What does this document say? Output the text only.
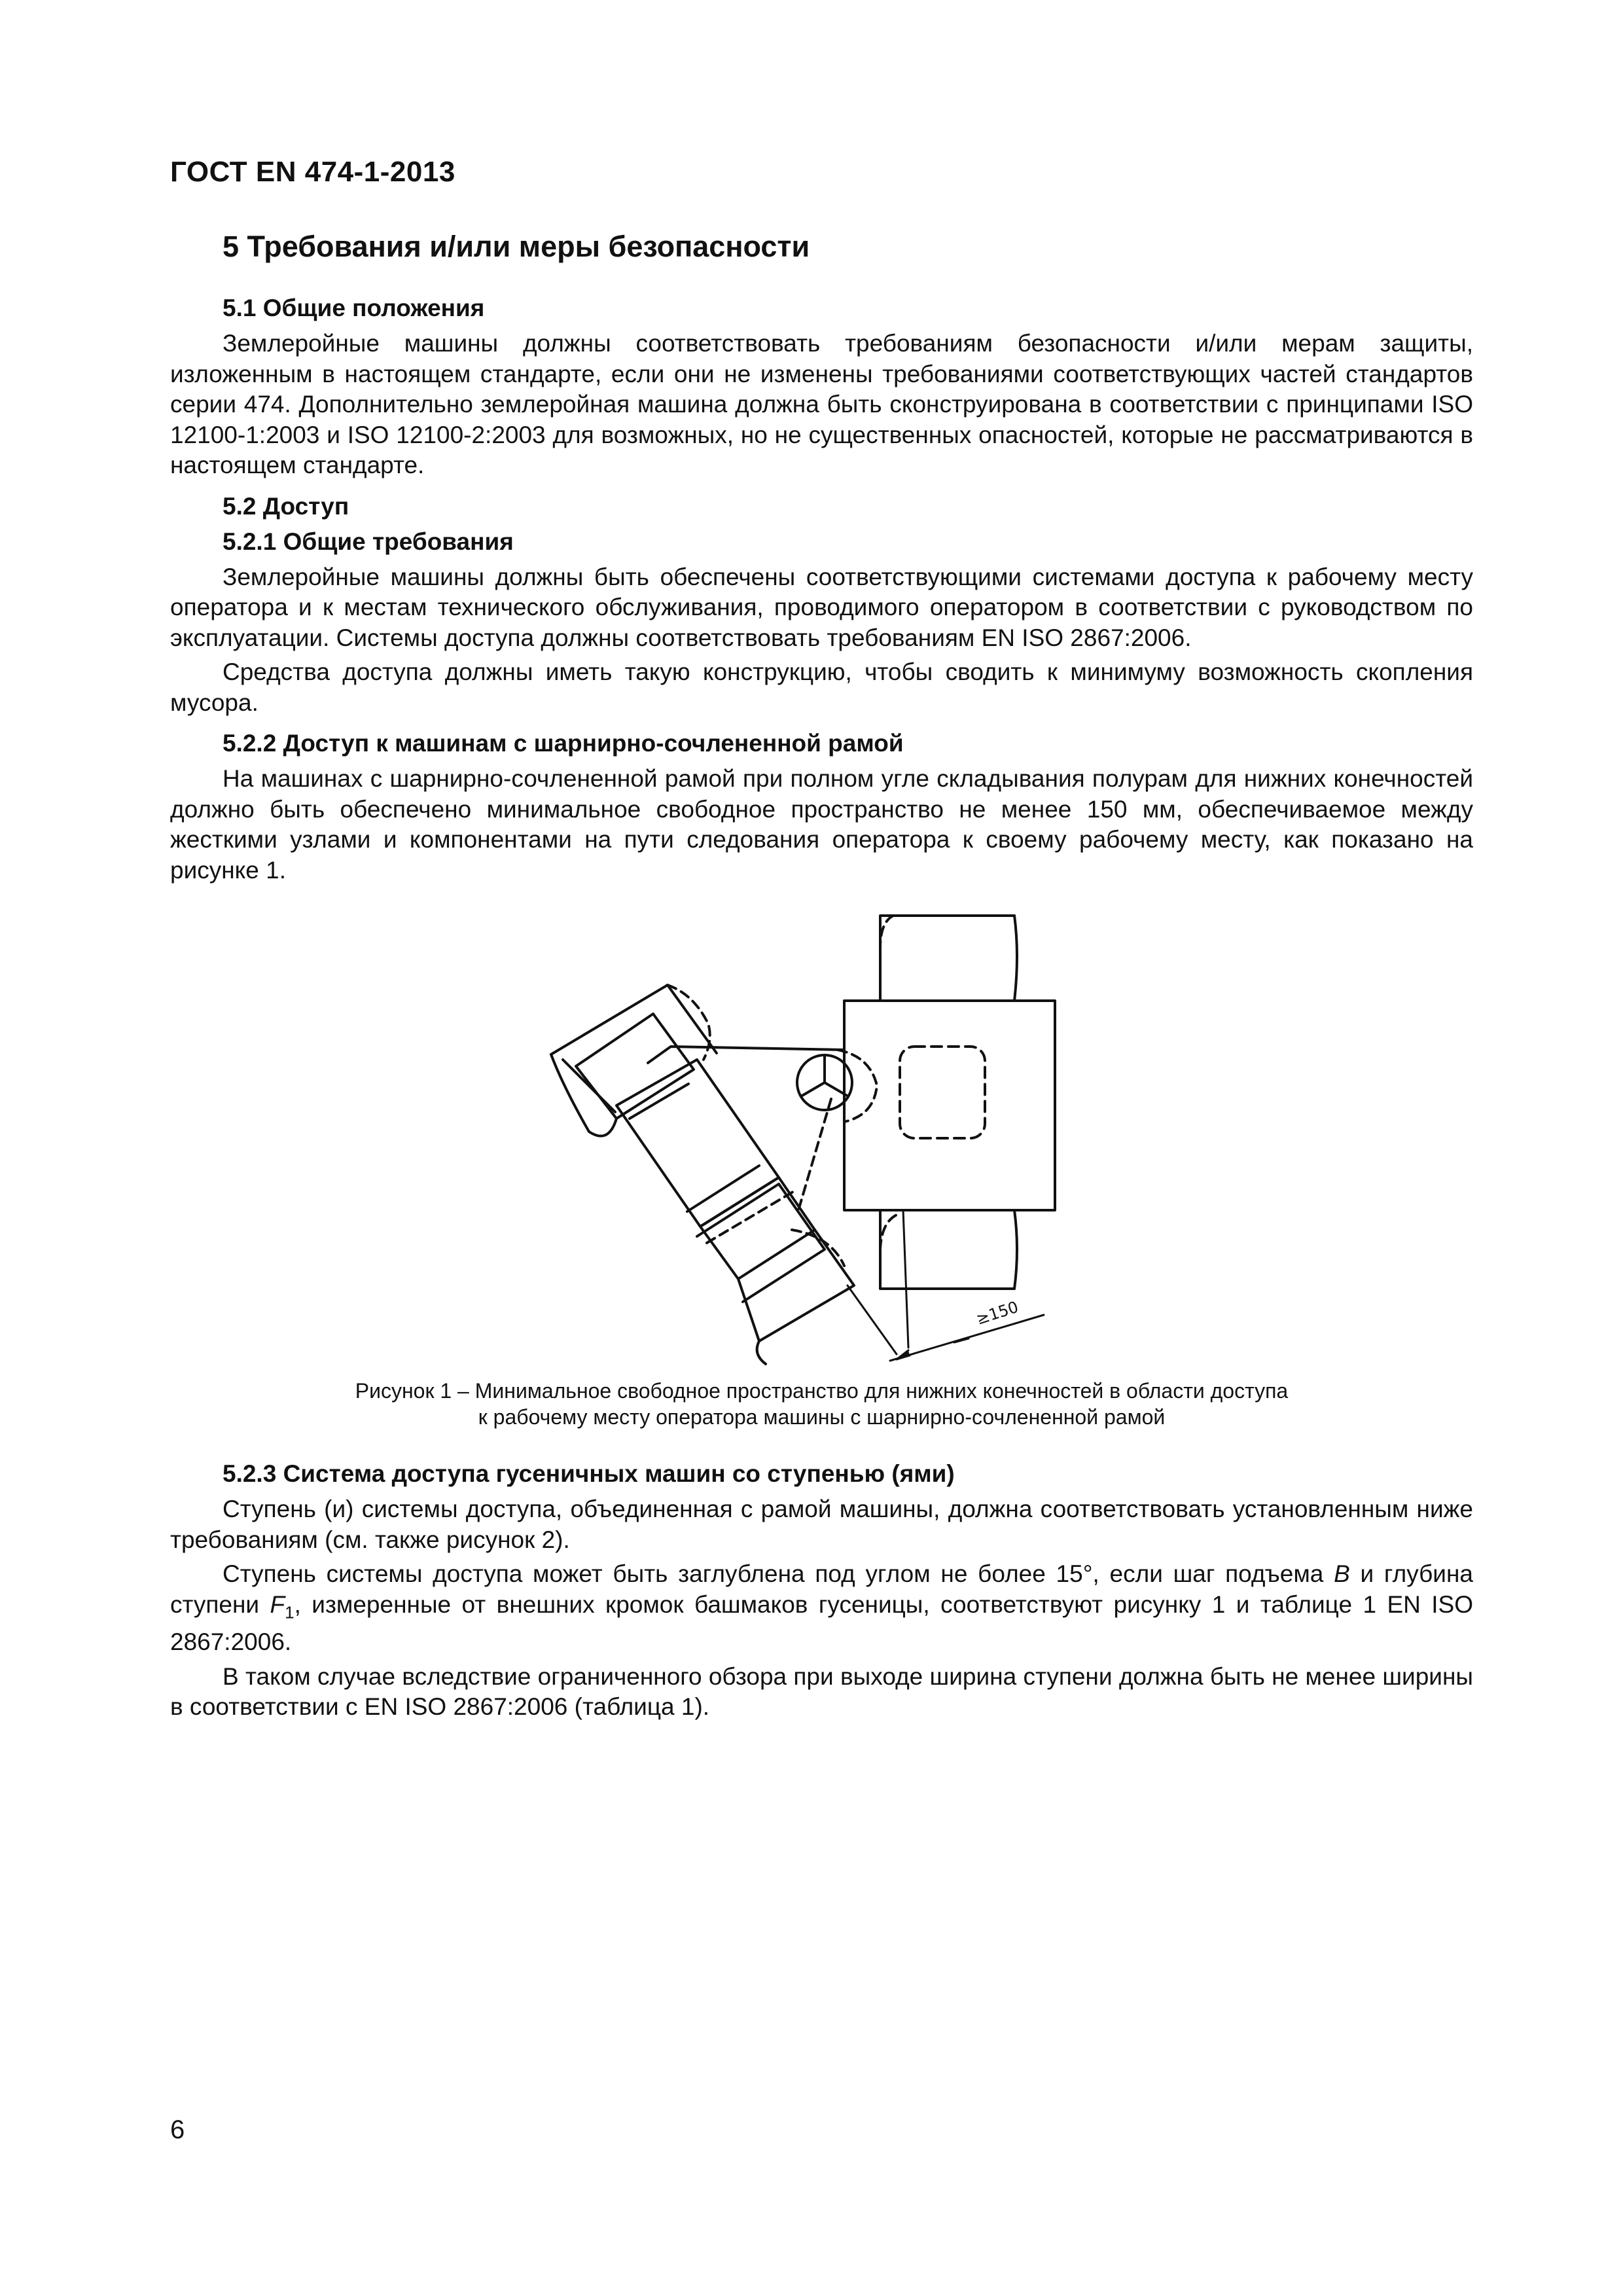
ГОСТ EN 474-1-2013
5 Требования и/или меры безопасности
5.1 Общие положения

Землеройные машины должны соответствовать требованиям безопасности и/или мерам защиты, изложенным в настоящем стандарте, если они не изменены требованиями соответствующих частей стандартов серии 474. Дополнительно землеройная машина должна быть сконструирована в соответствии с принципами ISO 12100-1:2003 и ISO 12100-2:2003 для возможных, но не существенных опасностей, которые не рассматриваются в настоящем стандарте.

5.2 Доступ
5.2.1 Общие требования

Землеройные машины должны быть обеспечены соответствующими системами доступа к рабочему месту оператора и к местам технического обслуживания, проводимого оператором в соответствии с руководством по эксплуатации. Системы доступа должны соответствовать требованиям EN ISO 2867:2006.

Средства доступа должны иметь такую конструкцию, чтобы сводить к минимуму возможность скопления мусора.

5.2.2 Доступ к машинам с шарнирно-сочлененной рамой

На машинах с шарнирно-сочлененной рамой при полном угле складывания полурам для нижних конечностей должно быть обеспечено минимальное свободное пространство не менее 150 мм, обеспечиваемое между жесткими узлами и компонентами на пути следования оператора к своему рабочему месту, как показано на рисунке 1.

≥150
Рисунок 1 – Минимальное свободное пространство для нижних конечностей в области доступа
к рабочему месту оператора машины с шарнирно-сочлененной рамой
5.2.3 Система доступа гусеничных машин со ступенью (ями)

Ступень (и) системы доступа, объединенная с рамой машины, должна соответствовать установленным ниже требованиям (см. также рисунок 2).

Ступень системы доступа может быть заглублена под углом не более 15°, если шаг подъема B и глубина ступени $F_1$, измеренные от внешних кромок башмаков гусеницы, соответствуют рисунку 1 и таблице 1 EN ISO 2867:2006.

В таком случае вследствие ограниченного обзора при выходе ширина ступени должна быть не менее ширины в соответствии с EN ISO 2867:2006 (таблица 1).

6
